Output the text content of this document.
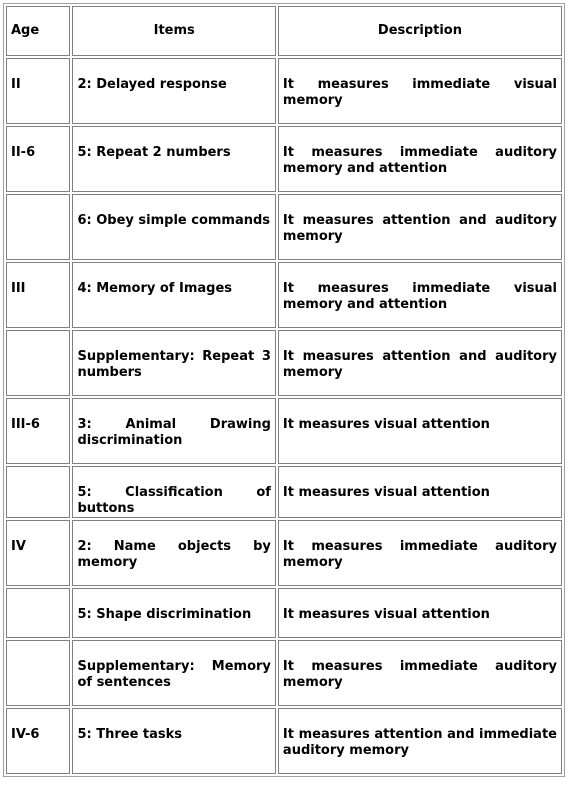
Age	Items	Description
II	2: Delayed response	It measures immediate visual memory
II-6	5: Repeat 2 numbers	It measures immediate auditory memory and attention
	6: Obey simple commands	It measures attention and auditory memory
III	4: Memory of Images	It measures immediate visual memory and attention
	Supplementary: Repeat 3 numbers	It measures attention and auditory memory
III-6	3: Animal Drawing discrimination	It measures visual attention
	5: Classification of buttons	It measures visual attention
IV	2: Name objects by memory	It measures immediate auditory memory
	5: Shape discrimination	It measures visual attention
	Supplementary: Memory of sentences	It measures immediate auditory memory
IV-6	5: Three tasks	It measures attention and immediate auditory memory
